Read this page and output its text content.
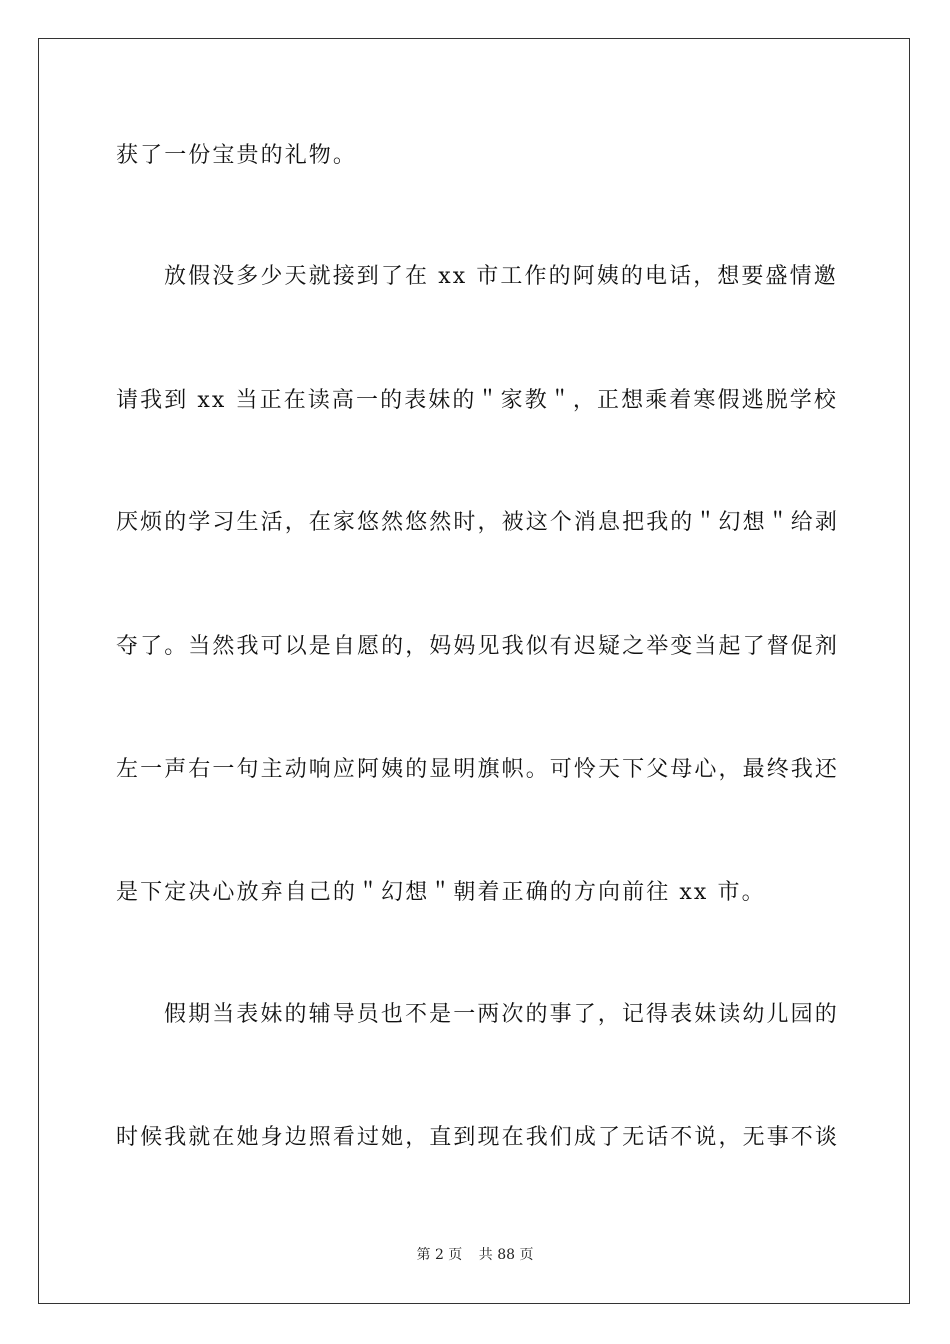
获了一份宝贵的礼物。
放假没多少天就接到了在 xx 市工作的阿姨的电话，想要盛情邀
请我到 xx 当正在读高一的表妹的＂家教＂，正想乘着寒假逃脱学校
厌烦的学习生活，在家悠然悠然时，被这个消息把我的＂幻想＂给剥
夺了。当然我可以是自愿的，妈妈见我似有迟疑之举变当起了督促剂
左一声右一句主动响应阿姨的显明旗帜。可怜天下父母心，最终我还
是下定决心放弃自己的＂幻想＂朝着正确的方向前往 xx 市。
假期当表妹的辅导员也不是一两次的事了，记得表妹读幼儿园的
时候我就在她身边照看过她，直到现在我们成了无话不说，无事不谈
第 2 页 共 88 页
